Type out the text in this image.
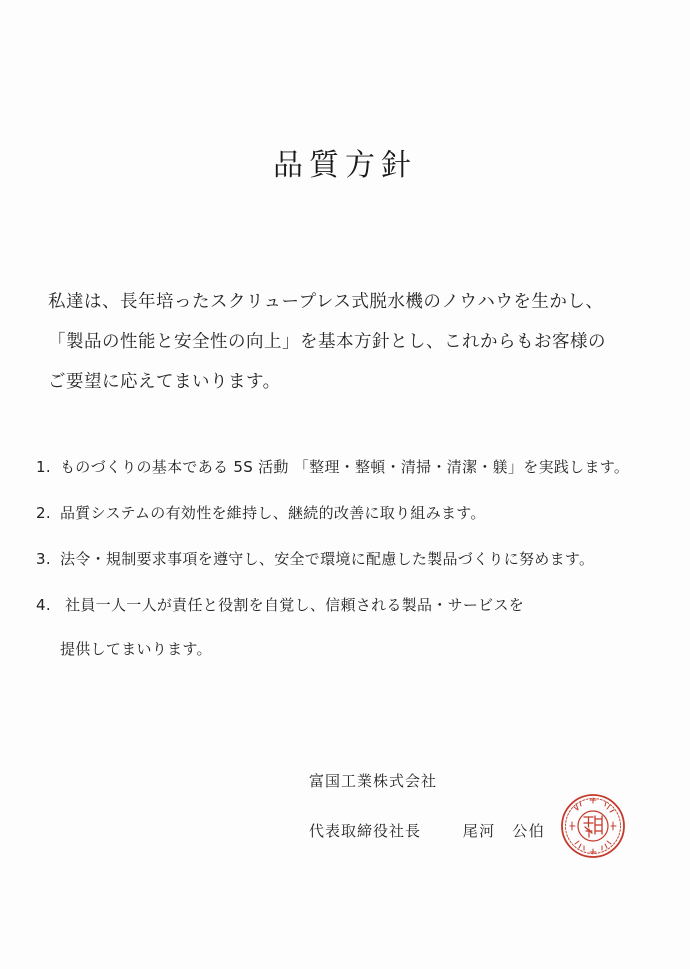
品質方針
私達は、長年培ったスクリュープレス式脱水機のノウハウを生かし、
「製品の性能と安全性の向上」を基本方針とし、これからもお客様の
ご要望に応えてまいります。
1. ものづくりの基本である 5S 活動 「整理・整頓・清掃・清潔・躾」を実践します。
2. 品質システムの有効性を維持し、継続的改善に取り組みます。
3. 法令・規制要求事項を遵守し、安全で環境に配慮した製品づくりに努めます。
4. 社員一人一人が責任と役割を自覚し、信頼される製品・サービスを
提供してまいります。
富国工業株式会社
代表取締役社長	尾河　公伯
